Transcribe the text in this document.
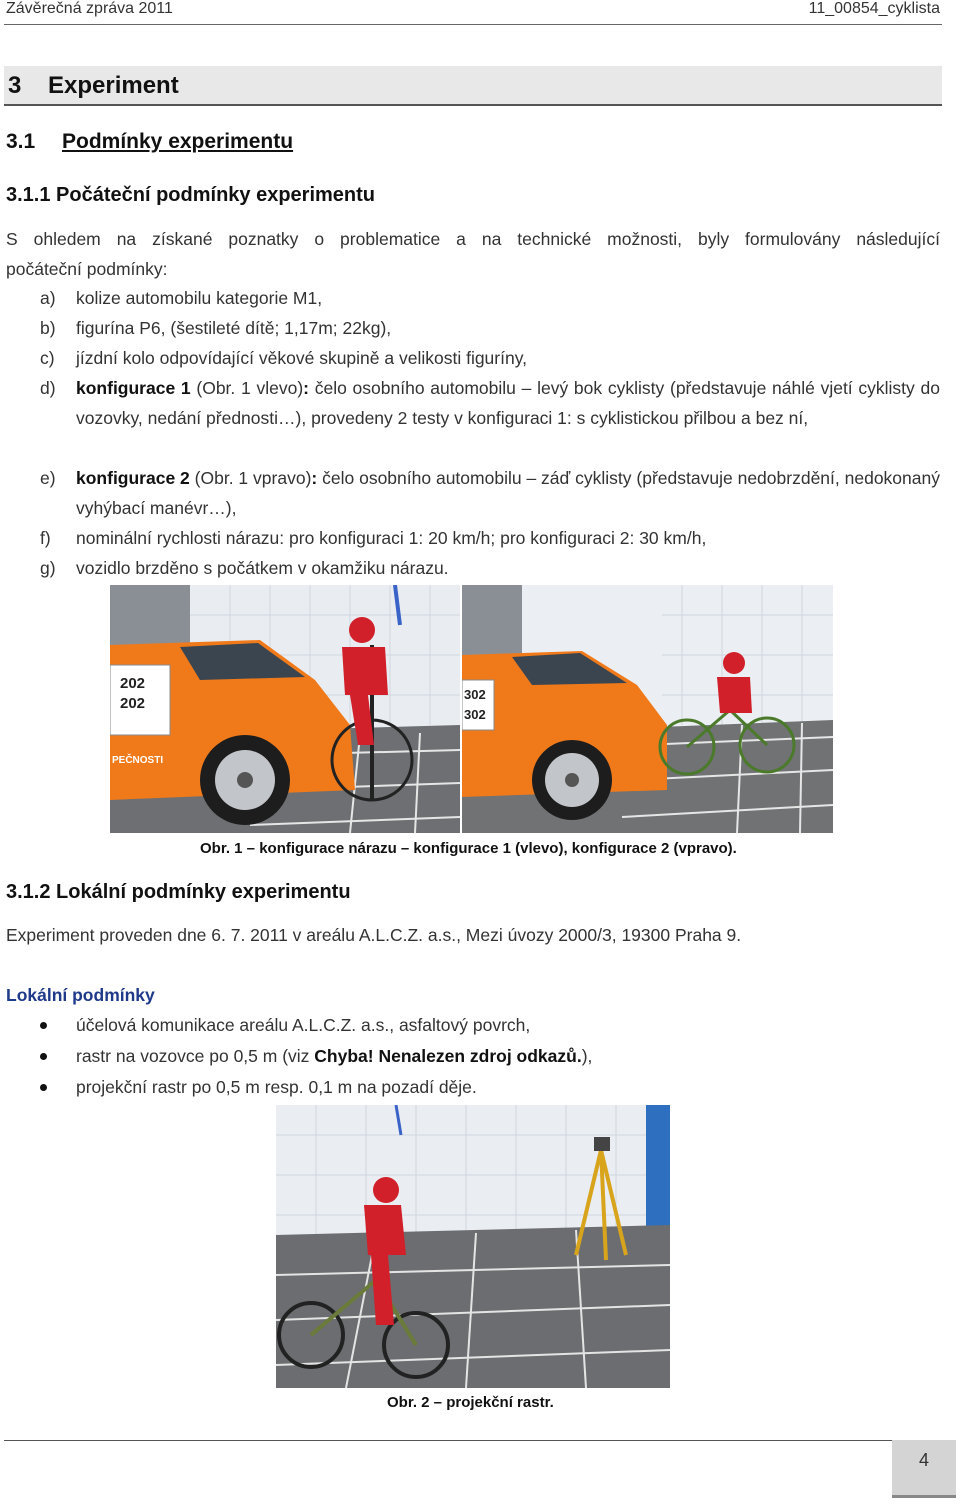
Závěrečná zpráva 2011	11_00854_cyklista
3 Experiment
3.1 Podmínky experimentu
3.1.1 Počáteční podmínky experimentu
S ohledem na získané poznatky o problematice a na technické možnosti, byly formulovány následující
počáteční podmínky:
a) kolize automobilu kategorie M1,
b) figurína P6, (šestileté dítě; 1,17m; 22kg),
c) jízdní kolo odpovídající věkové skupině a velikosti figuríny,
d) konfigurace 1 (Obr. 1 vlevo): čelo osobního automobilu – levý bok cyklisty (představuje náhlé vjetí cyklisty do vozovky, nedání přednosti…), provedeny 2 testy v konfiguraci 1: s cyklistickou přilbou a bez ní,
e) konfigurace 2 (Obr. 1 vpravo): čelo osobního automobilu – záď cyklisty (představuje nedobrzdění, nedokonaný vyhýbací manévr…),
f) nominální rychlosti nárazu: pro konfiguraci 1: 20 km/h; pro konfiguraci 2: 30 km/h,
g) vozidlo brzděno s počátkem v okamžiku nárazu.
202
202
PEČNOSTI
302
302
Obr. 1 – konfigurace nárazu – konfigurace 1 (vlevo), konfigurace 2 (vpravo).
3.1.2 Lokální podmínky experimentu
Experiment proveden dne 6. 7. 2011 v areálu A.L.C.Z. a.s., Mezi úvozy 2000/3, 19300 Praha 9.
Lokální podmínky
účelová komunikace areálu A.L.C.Z. a.s., asfaltový povrch,
rastr na vozovce po 0,5 m (viz Chyba! Nenalezen zdroj odkazů.),
projekční rastr po 0,5 m resp. 0,1 m na pozadí děje.
Obr. 2 – projekční rastr.
4
